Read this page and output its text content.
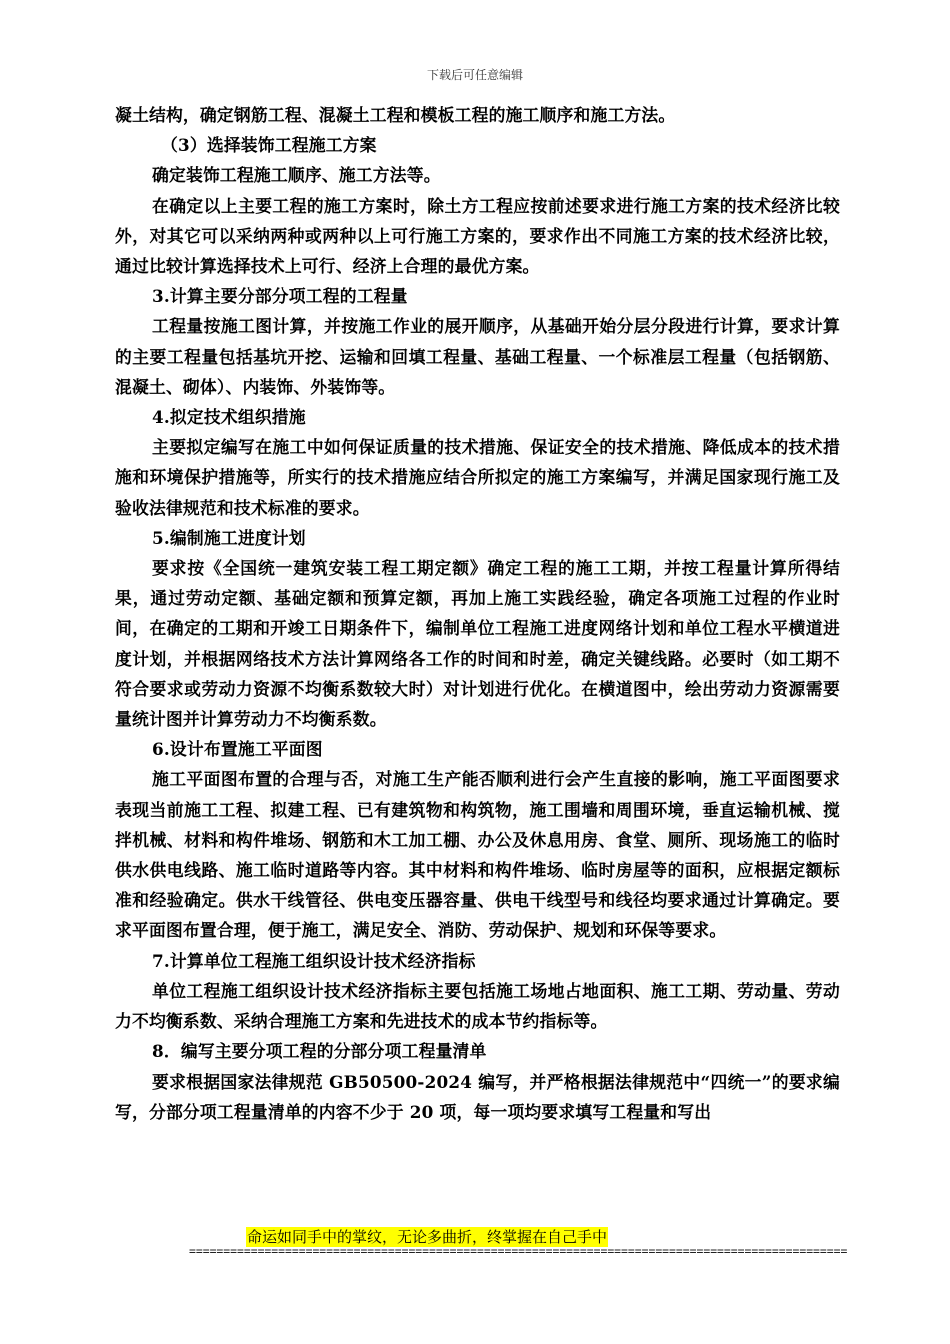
下载后可任意编辑

凝土结构，确定钢筋工程、混凝土工程和模板工程的施工顺序和施工方法。

（3）选择装饰工程施工方案

确定装饰工程施工顺序、施工方法等。

在确定以上主要工程的施工方案时，除土方工程应按前述要求进行施工方案的技术经济比较外，对其它可以采纳两种或两种以上可行施工方案的，要求作出不同施工方案的技术经济比较，通过比较计算选择技术上可行、经济上合理的最优方案。

3.计算主要分部分项工程的工程量

工程量按施工图计算，并按施工作业的展开顺序，从基础开始分层分段进行计算，要求计算的主要工程量包括基坑开挖、运输和回填工程量、基础工程量、一个标准层工程量（包括钢筋、混凝土、砌体）、内装饰、外装饰等。

4.拟定技术组织措施

主要拟定编写在施工中如何保证质量的技术措施、保证安全的技术措施、降低成本的技术措施和环境保护措施等，所实行的技术措施应结合所拟定的施工方案编写，并满足国家现行施工及验收法律规范和技术标准的要求。

5.编制施工进度计划

要求按《全国统一建筑安装工程工期定额》确定工程的施工工期，并按工程量计算所得结果，通过劳动定额、基础定额和预算定额，再加上施工实践经验，确定各项施工过程的作业时间，在确定的工期和开竣工日期条件下，编制单位工程施工进度网络计划和单位工程水平横道进度计划，并根据网络技术方法计算网络各工作的时间和时差，确定关键线路。必要时（如工期不符合要求或劳动力资源不均衡系数较大时）对计划进行优化。在横道图中，绘出劳动力资源需要量统计图并计算劳动力不均衡系数。

6.设计布置施工平面图

施工平面图布置的合理与否，对施工生产能否顺利进行会产生直接的影响，施工平面图要求表现当前施工工程、拟建工程、已有建筑物和构筑物，施工围墙和周围环境，垂直运输机械、搅拌机械、材料和构件堆场、钢筋和木工加工棚、办公及休息用房、食堂、厕所、现场施工的临时供水供电线路、施工临时道路等内容。其中材料和构件堆场、临时房屋等的面积，应根据定额标准和经验确定。供水干线管径、供电变压器容量、供电干线型号和线径均要求通过计算确定。要求平面图布置合理，便于施工，满足安全、消防、劳动保护、规划和环保等要求。

7.计算单位工程施工组织设计技术经济指标

单位工程施工组织设计技术经济指标主要包括施工场地占地面积、施工工期、劳动量、劳动力不均衡系数、采纳合理施工方案和先进技术的成本节约指标等。

8．编写主要分项工程的分部分项工程量清单

要求根据国家法律规范 GB50500-2024 编写，并严格根据法律规范中“四统一”的要求编写，分部分项工程量清单的内容不少于 20 项，每一项均要求填写工程量和写出

命运如同手中的掌纹，无论多曲折，终掌握在自己手中
================================================================================================
